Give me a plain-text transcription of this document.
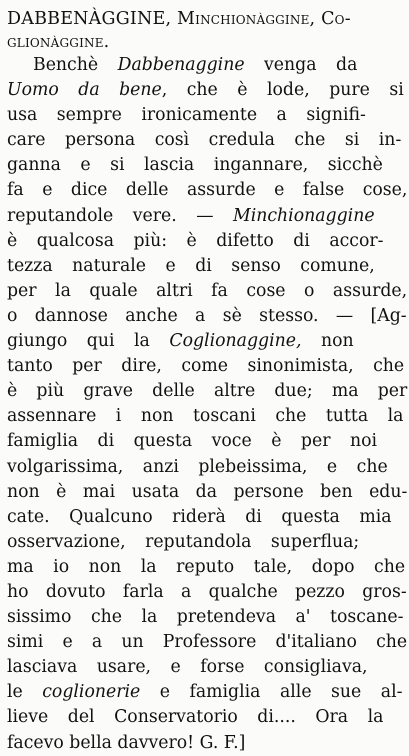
DABBENÀGGINE, Minchionàggine, Co-
glionàggine.
Benchè Dabbenaggine venga da
Uomo da bene, che è lode, pure si
usa sempre ironicamente a signifi-
care persona così credula che si in-
ganna e si lascia ingannare, sicchè
fa e dice delle assurde e false cose,
reputandole vere. — Minchionaggine
è qualcosa più: è difetto di accor-
tezza naturale e di senso comune,
per la quale altri fa cose o assurde,
o dannose anche a sè stesso. — [Ag-
giungo qui la Coglionaggine, non
tanto per dire, come sinonimista, che
è più grave delle altre due; ma per
assennare i non toscani che tutta la
famiglia di questa voce è per noi
volgarissima, anzi plebeissima, e che
non è mai usata da persone ben edu-
cate. Qualcuno riderà di questa mia
osservazione, reputandola superflua;
ma io non la reputo tale, dopo che
ho dovuto farla a qualche pezzo gros-
sissimo che la pretendeva a' toscane-
simi e a un Professore d'italiano che
lasciava usare, e forse consigliava,
le coglionerie e famiglia alle sue al-
lieve del Conservatorio di.... Ora la
facevo bella davvero! G. F.]
